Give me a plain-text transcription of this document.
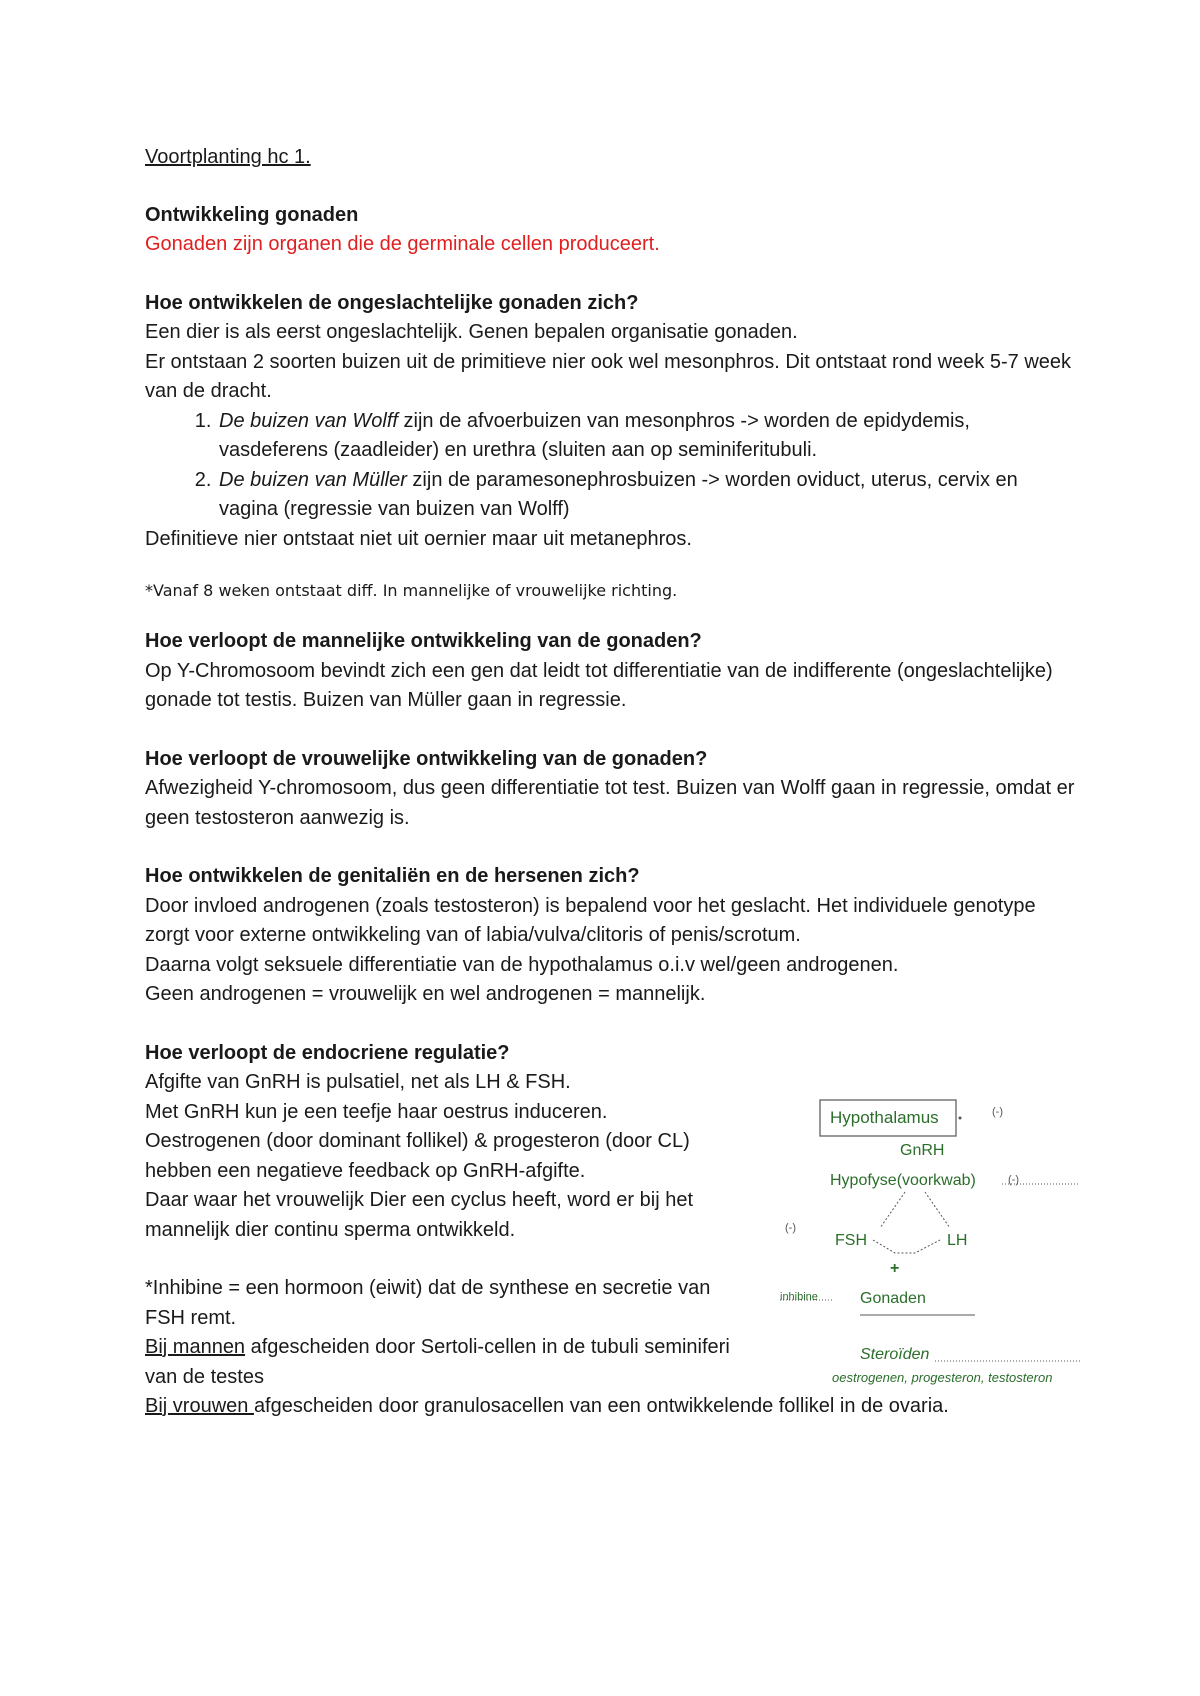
Voortplanting hc 1.

Ontwikkeling gonaden

Gonaden zijn organen die de germinale cellen produceert.

Hoe ontwikkelen de ongeslachtelijke gonaden zich?

Een dier is als eerst ongeslachtelijk. Genen bepalen organisatie gonaden.

Er ontstaan 2 soorten buizen uit de primitieve nier ook wel mesonphros. Dit ontstaat rond week 5-7 week van de dracht.

1. De buizen van Wolff zijn de afvoerbuizen van mesonphros -> worden de epidydemis, vasdeferens (zaadleider) en urethra (sluiten aan op seminiferitubuli.
2. De buizen van Müller zijn de paramesonephrosbuizen -> worden oviduct, uterus, cervix en vagina (regressie van buizen van Wolff)

Definitieve nier ontstaat niet uit oernier maar uit metanephros.

*Vanaf 8 weken ontstaat diff. In mannelijke of vrouwelijke richting.

Hoe verloopt de mannelijke ontwikkeling van de gonaden?

Op Y-Chromosoom bevindt zich een gen dat leidt tot differentiatie van de indifferente (ongeslachtelijke) gonade tot testis. Buizen van Müller gaan in regressie.

Hoe verloopt de vrouwelijke ontwikkeling van de gonaden?

Afwezigheid Y-chromosoom, dus geen differentiatie tot test. Buizen van Wolff gaan in regressie, omdat er geen testosteron aanwezig is.

Hoe ontwikkelen de genitaliën en de hersenen zich?

Door invloed androgenen (zoals testosteron) is bepalend voor het geslacht. Het individuele genotype zorgt voor externe ontwikkeling van of labia/vulva/clitoris of penis/scrotum.

Daarna volgt seksuele differentiatie van de hypothalamus o.i.v wel/geen androgenen.

Geen androgenen = vrouwelijk en wel androgenen = mannelijk.

Hoe verloopt de endocriene regulatie?

Afgifte van GnRH is pulsatiel, net als LH & FSH.

Met GnRH kun je een teefje haar oestrus induceren.

Oestrogenen (door dominant follikel) & progesteron (door CL) hebben een negatieve feedback op GnRH-afgifte.

Daar waar het vrouwelijk Dier een cyclus heeft, word er bij het mannelijk dier continu sperma ontwikkeld.

*Inhibine = een hormoon (eiwit) dat de synthese en secretie van FSH remt.

Bij mannen afgescheiden door Sertoli-cellen in de tubuli seminiferi van de testes

Bij vrouwen afgescheiden door granulosacellen van een ontwikkelende follikel in de ovaria.

Hypothalamus	(-)
GnRH
Hypofyse(voorkwab)	(-)
(-)
FSH	LH
+
inhibine	Gonaden
Steroïden
oestrogenen, progesteron, testosteron
